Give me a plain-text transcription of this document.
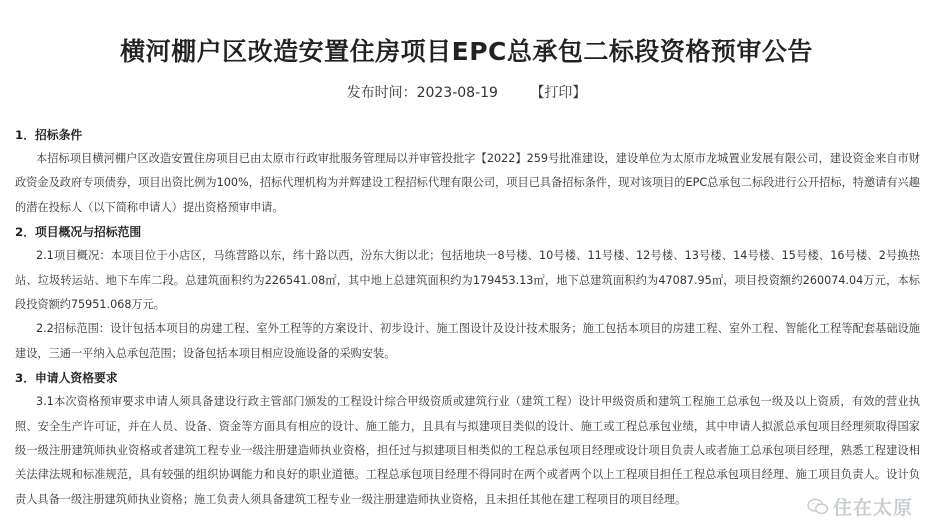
横河棚户区改造安置住房项目EPC总承包二标段资格预审公告
发布时间：2023-08-19 【打印】
1．招标条件

本招标项目横河棚户区改造安置住房项目已由太原市行政审批服务管理局以并审管投批字【2022】259号批准建设，建设单位为太原市龙城置业发展有限公司，建设资金来自市财政资金及政府专项债券，项目出资比例为100%，招标代理机构为并辉建设工程招标代理有限公司，项目已具备招标条件，现对该项目的EPC总承包二标段进行公开招标，特邀请有兴趣的潜在投标人（以下简称申请人）提出资格预审申请。

2．项目概况与招标范围

2.1项目概况：本项目位于小店区，马练营路以东，纬十路以西，汾东大街以北；包括地块一8号楼、10号楼、11号楼、12号楼、13号楼、14号楼、15号楼、16号楼、2号换热站、垃圾转运站、地下车库二段。总建筑面积约为226541.08㎡，其中地上总建筑面积约为179453.13㎡，地下总建筑面积约为47087.95㎡，项目投资额约260074.04万元，本标段投资额约75951.068万元。

2.2招标范围：设计包括本项目的房建工程、室外工程等的方案设计、初步设计、施工图设计及设计技术服务；施工包括本项目的房建工程、室外工程、智能化工程等配套基础设施建设，三通一平纳入总承包范围；设备包括本项目相应设施设备的采购安装。

3．申请人资格要求

3.1本次资格预审要求申请人须具备建设行政主管部门颁发的工程设计综合甲级资质或建筑行业（建筑工程）设计甲级资质和建筑工程施工总承包一级及以上资质，有效的营业执照、安全生产许可证，并在人员、设备、资金等方面具有相应的设计、施工能力，且具有与拟建项目类似的设计、施工或工程总承包业绩，其中申请人拟派总承包项目经理须取得国家级一级注册建筑师执业资格或者建筑工程专业一级注册建造师执业资格，担任过与拟建项目相类似的工程总承包项目经理或设计项目负责人或者施工总承包项目经理，熟悉工程建设相关法律法规和标准规范，具有较强的组织协调能力和良好的职业道德。工程总承包项目经理不得同时在两个或者两个以上工程项目担任工程总承包项目经理、施工项目负责人。设计负责人具备一级注册建筑师执业资格；施工负责人须具备建筑工程专业一级注册建造师执业资格，且未担任其他在建工程项目的项目经理。	住在太原
